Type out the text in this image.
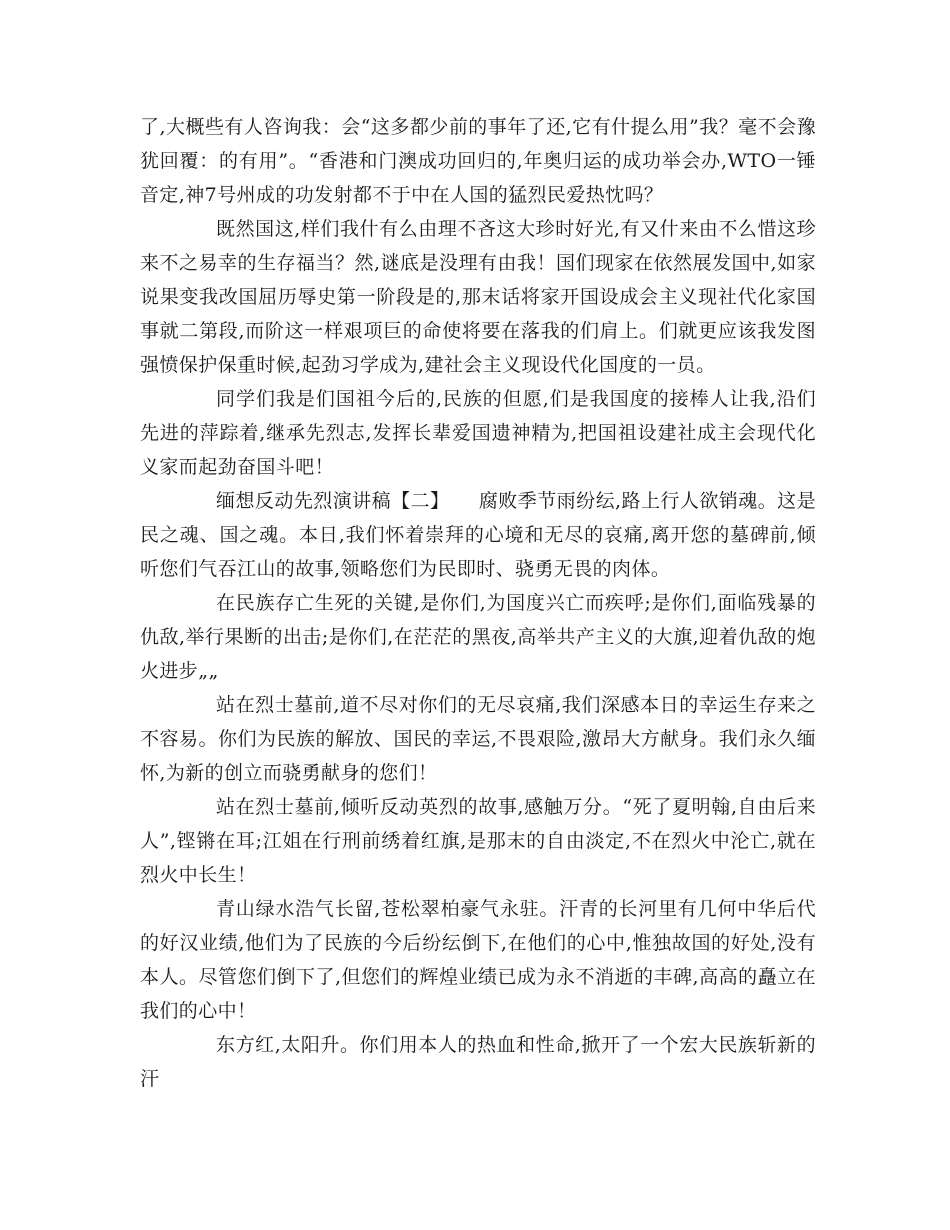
了,大概些有人咨询我：会“这多都少前的事年了还,它有什提么用”我？毫不会豫犹回覆：的有用”。“香港和门澳成功回归的,年奥归运的成功举会办,WTO一锤音定,神7号州成的功发射都不于中在人国的猛烈民爱热忱吗？

既然国这,样们我什有么由理不吝这大珍时好光,有又什来由不么惜这珍来不之易幸的生存福当？然,谜底是没理有由我！国们现家在依然展发国中,如家说果变我改国屈历辱史第一阶段是的,那末话将家开国设成会主义现社代化家国事就二第段,而阶这一样艰项巨的命使将要在落我的们肩上。们就更应该我发图强愤保护保重时候,起劲习学成为,建社会主义现设代化国度的一员。

同学们我是们国祖今后的,民族的但愿,们是我国度的接棒人让我,沿们先进的萍踪着,继承先烈志,发挥长辈爱国遗神精为,把国祖设建社成主会现代化义家而起劲奋国斗吧！

缅想反动先烈演讲稿【二】　　腐败季节雨纷纭,路上行人欲销魂。这是民之魂、国之魂。本日,我们怀着崇拜的心境和无尽的哀痛,离开您的墓碑前,倾听您们气吞江山的故事,领略您们为民即时、骁勇无畏的肉体。

在民族存亡生死的关键,是你们,为国度兴亡而疾呼;是你们,面临残暴的仇敌,举行果断的出击;是你们,在茫茫的黑夜,高举共产主义的大旗,迎着仇敌的炮火进步„„

站在烈士墓前,道不尽对你们的无尽哀痛,我们深感本日的幸运生存来之不容易。你们为民族的解放、国民的幸运,不畏艰险,激昂大方献身。我们永久缅怀,为新的创立而骁勇献身的您们！

站在烈士墓前,倾听反动英烈的故事,感触万分。“死了夏明翰,自由后来人”,铿锵在耳;江姐在行刑前绣着红旗,是那末的自由淡定,不在烈火中沦亡,就在烈火中长生！

青山绿水浩气长留,苍松翠柏豪气永驻。汗青的长河里有几何中华后代的好汉业绩,他们为了民族的今后纷纭倒下,在他们的心中,惟独故国的好处,没有本人。尽管您们倒下了,但您们的辉煌业绩已成为永不消逝的丰碑,高高的矗立在我们的心中！

东方红,太阳升。你们用本人的热血和性命,掀开了一个宏大民族斩新的汗
